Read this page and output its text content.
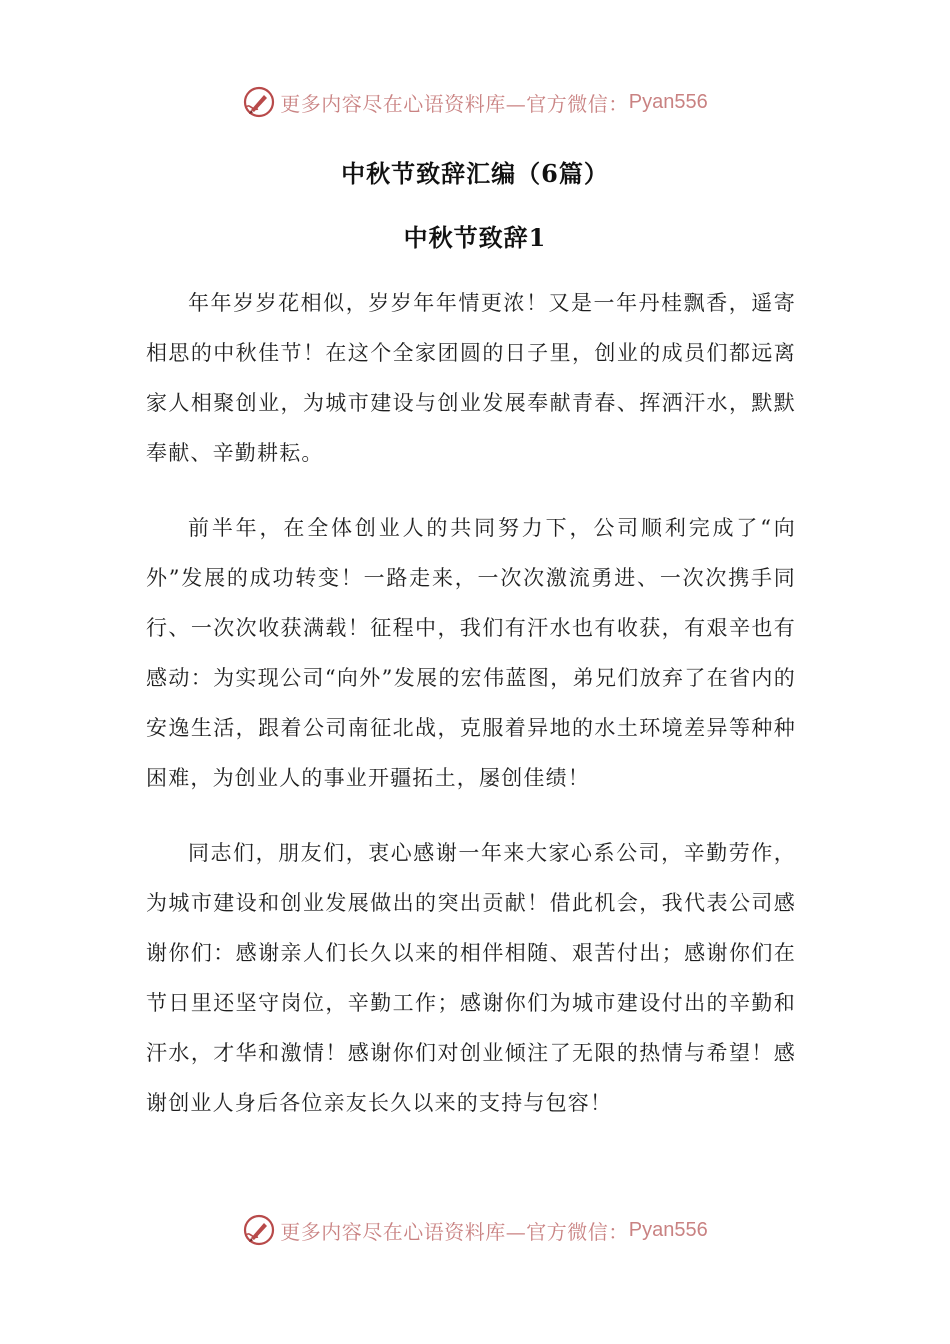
更多内容尽在心语资料库—官方微信： Pyan556
中秋节致辞汇编（6篇）
中秋节致辞1

年年岁岁花相似，岁岁年年情更浓！又是一年丹桂飘香，遥寄相思的中秋佳节！在这个全家团圆的日子里，创业的成员们都远离家人相聚创业，为城市建设与创业发展奉献青春、挥洒汗水，默默奉献、辛勤耕耘。

前半年，在全体创业人的共同努力下，公司顺利完成了“向外”发展的成功转变！一路走来，一次次激流勇进、一次次携手同行、一次次收获满载！征程中，我们有汗水也有收获，有艰辛也有感动：为实现公司“向外”发展的宏伟蓝图，弟兄们放弃了在省内的安逸生活，跟着公司南征北战，克服着异地的水土环境差异等种种困难，为创业人的事业开疆拓土，屡创佳绩！

同志们，朋友们，衷心感谢一年来大家心系公司，辛勤劳作，为城市建设和创业发展做出的突出贡献！借此机会，我代表公司感谢你们：感谢亲人们长久以来的相伴相随、艰苦付出；感谢你们在节日里还坚守岗位，辛勤工作；感谢你们为城市建设付出的辛勤和汗水，才华和激情！感谢你们对创业倾注了无限的热情与希望！感谢创业人身后各位亲友长久以来的支持与包容！

更多内容尽在心语资料库—官方微信： Pyan556
